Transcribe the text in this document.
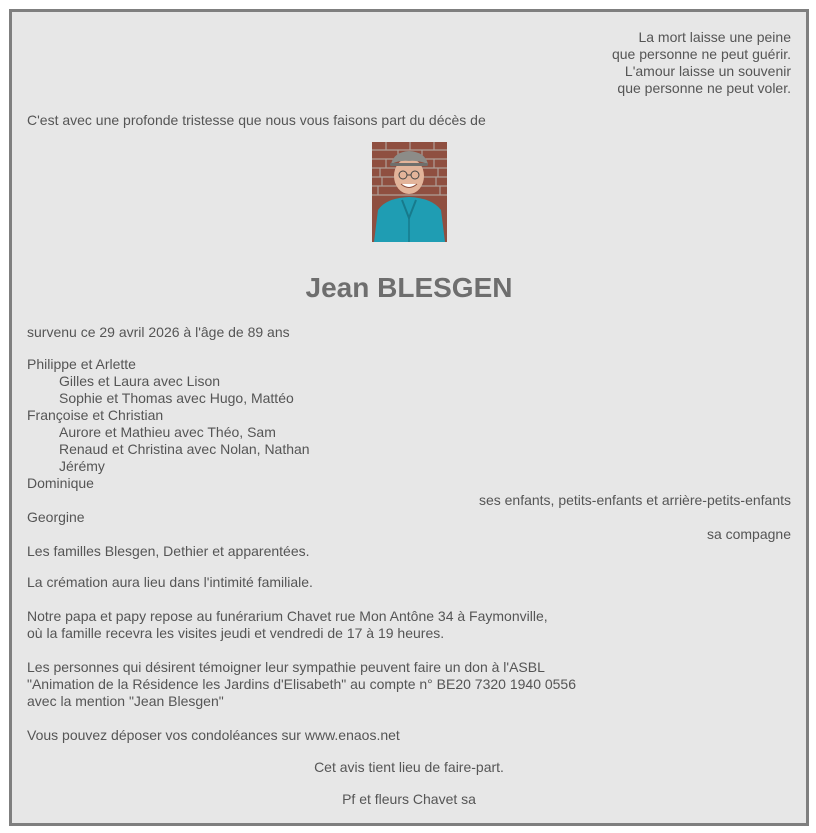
La mort laisse une peine
que personne ne peut guérir.
L'amour laisse un souvenir
que personne ne peut voler.
C'est avec une profonde tristesse que nous vous faisons part du décès de
Jean BLESGEN
survenu ce 29 avril 2026 à l'âge de 89 ans
Philippe et Arlette
Gilles et Laura avec Lison
Sophie et Thomas avec Hugo, Mattéo
Françoise et Christian
Aurore et Mathieu avec Théo, Sam
Renaud et Christina avec Nolan, Nathan
Jérémy
Dominique
ses enfants, petits-enfants et arrière-petits-enfants
Georgine
sa compagne
Les familles Blesgen, Dethier et apparentées.
La crémation aura lieu dans l'intimité familiale.
Notre papa et papy repose au funérarium Chavet rue Mon Antône 34 à Faymonville,
où la famille recevra les visites jeudi et vendredi de 17 à 19 heures.
Les personnes qui désirent témoigner leur sympathie peuvent faire un don à l'ASBL
"Animation de la Résidence les Jardins d'Elisabeth" au compte n° BE20 7320 1940 0556
avec la mention "Jean Blesgen"
Vous pouvez déposer vos condoléances sur www.enaos.net
Cet avis tient lieu de faire-part.
Pf et fleurs Chavet sa
